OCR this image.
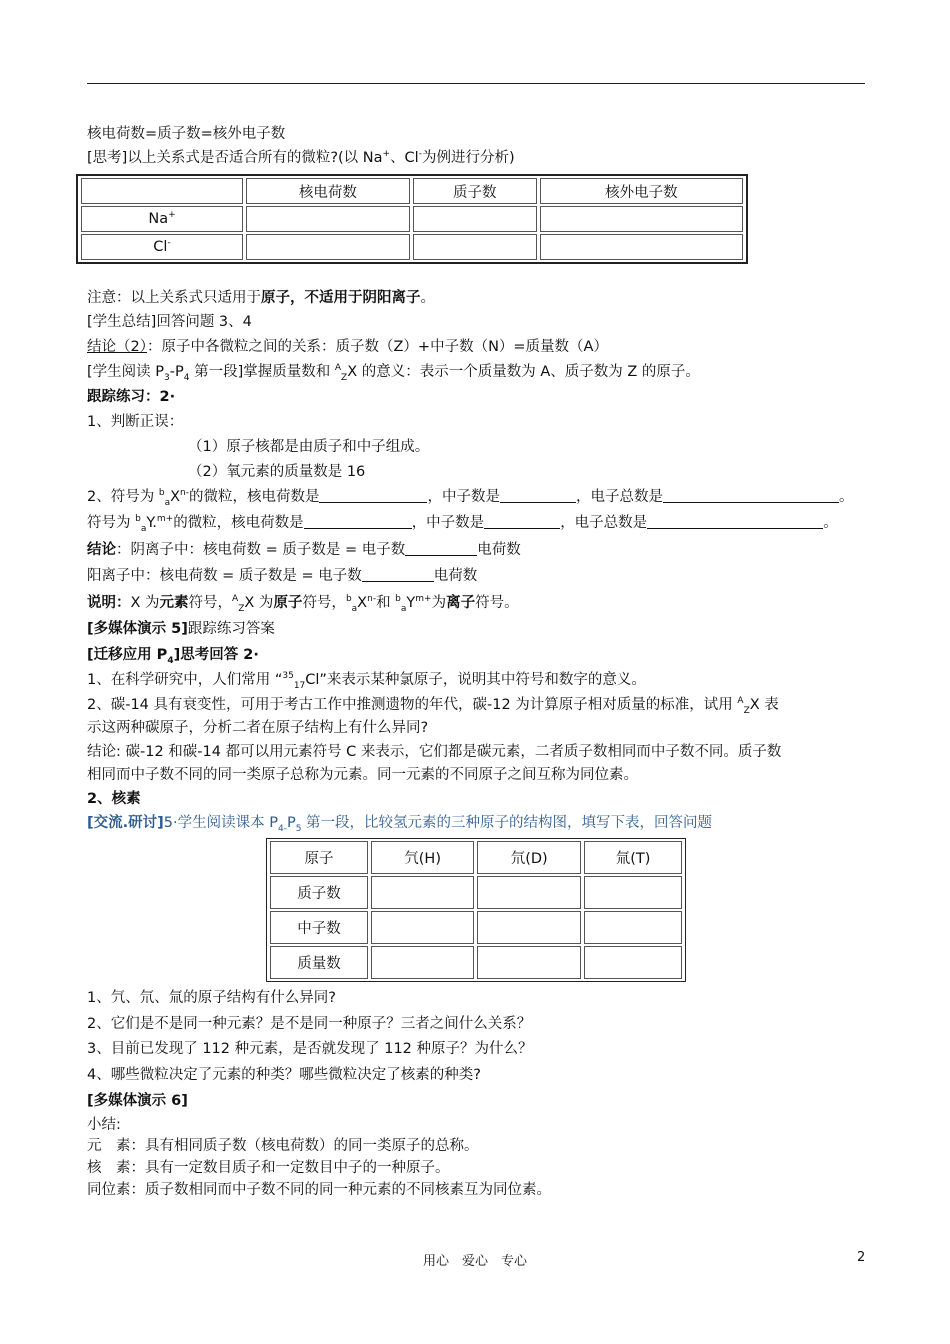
核电荷数=质子数=核外电子数
[思考]以上关系式是否适合所有的微粒?(以 Na+、Cl-为例进行分析)
	核电荷数	质子数	核外电子数
Na+			
Cl-			
注意：以上关系式只适用于原子，不适用于阴阳离子。
[学生总结]回答问题 3、4
结论（2）：原子中各微粒之间的关系：质子数（Z）+中子数（N）=质量数（A）
[学生阅读 $P_3-P_4$ 第一段]掌握质量数和 $^A_Z$X 的意义：表示一个质量数为 A、质子数为 Z 的原子。
跟踪练习：2·
1、判断正误：
（1）原子核都是由质子和中子组成。
（2）氧元素的质量数是 16
2、符号为 $^b_aX^{n-}$的微粒，核电荷数是	，中子数是	，电子总数是	。
符号为 $^b_a$Y.$^{m+}$的微粒，核电荷数是	，中子数是	，电子总数是	。
结论：阴离子中：核电荷数 = 质子数是 = 电子数	电荷数
阳离子中：核电荷数 = 质子数是 = 电子数	电荷数
说明：X 为元素符号，$^A_Z$X 为原子符号，$^b_aX^{n-}$和 $^b_aY^{m+}$为离子符号。
[多媒体演示 5]跟踪练习答案
[迁移应用 $P_4$]思考回答 2·
1、在科学研究中，人们常用 “$^{35}_{17}$Cl”来表示某种氯原子，说明其中符号和数字的意义。
2、碳-14 具有衰变性，可用于考古工作中推测遗物的年代，碳-12 为计算原子相对质量的标准，试用 $^A_Z$X 表
示这两种碳原子，分析二者在原子结构上有什么异同?
结论: 碳-12 和碳-14 都可以用元素符号 C 来表示，它们都是碳元素，二者质子数相同而中子数不同。质子数
相同而中子数不同的同一类原子总称为元素。同一元素的不同原子之间互称为同位素。
2、核素
[交流.研讨]5·学生阅读课本 $P_{4-}P_5$ 第一段，比较氢元素的三种原子的结构图，填写下表，回答问题
原子	氕(H)	氘(D)	氚(T)
质子数			
中子数			
质量数			
1、氕、氘、氚的原子结构有什么异同?
2、它们是不是同一种元素？是不是同一种原子？三者之间什么关系？
3、目前已发现了 112 种元素，是否就发现了 112 种原子？为什么？
4、哪些微粒决定了元素的种类？哪些微粒决定了核素的种类?
[多媒体演示 6]
小结:
元　素：具有相同质子数（核电荷数）的同一类原子的总称。
核　素：具有一定数目质子和一定数目中子的一种原子。
同位素：质子数相同而中子数不同的同一种元素的不同核素互为同位素。
用心　爱心　专心	2
